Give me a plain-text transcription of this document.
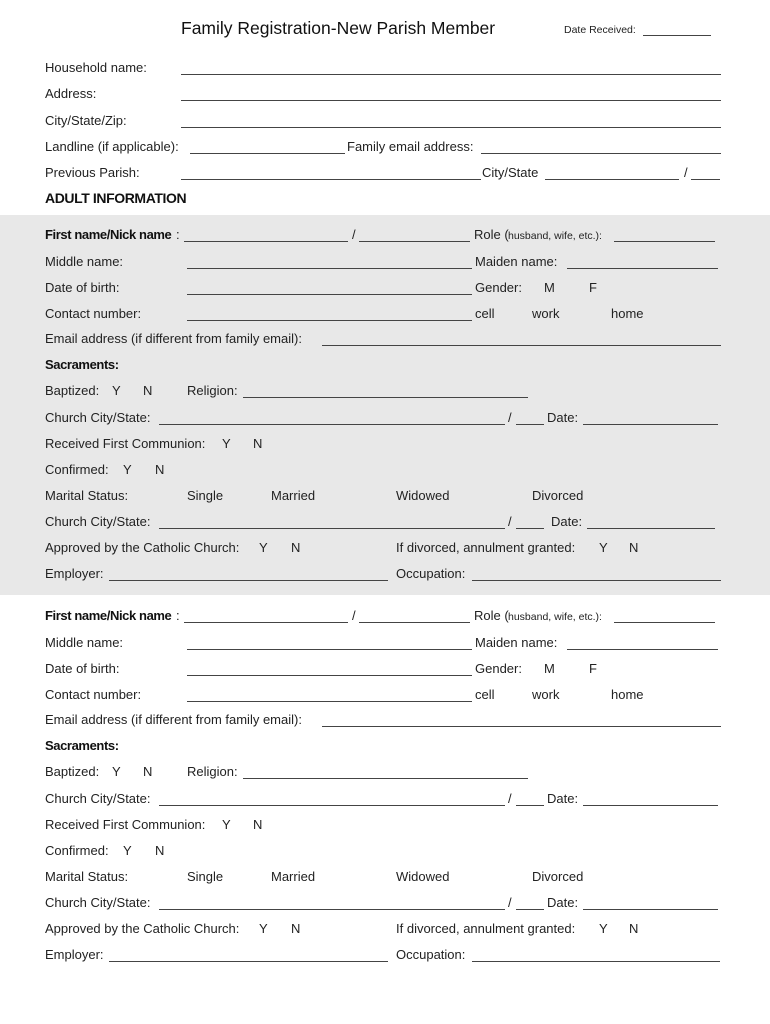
Family Registration-New Parish Member	Date Received:
Household name:
Address:
City/State/Zip:
Landline (if applicable):	Family email address:
Previous Parish:	City/State	/
ADULT INFORMATION
First name/Nick name :	/	Role ( husband, wife, etc.):
Middle name:	Maiden name:
Date of birth:	Gender: M	F
Contact number:	cell	work	home
Email address (if different from family email):
Sacraments:
Baptized: Y N	Religion:
Church City/State:	/	Date:
Received First Communion: Y N
Confirmed: Y N
Marital Status:	Single	Married	Widowed	Divorced
Church City/State:	/	Date:
Approved by the Catholic Church: Y N	If divorced, annulment granted: Y N
Employer:	Occupation:
First name/Nick name :	/	Role ( husband, wife, etc.):
Middle name:	Maiden name:
Date of birth:	Gender: M	F
Contact number:	cell	work	home
Email address (if different from family email):
Sacraments:
Baptized: Y N	Religion:
Church City/State:	/	Date:
Received First Communion: Y N
Confirmed: Y N
Marital Status:	Single	Married	Widowed	Divorced
Church City/State:	/	Date:
Approved by the Catholic Church: Y N	If divorced, annulment granted: Y N
Employer:	Occupation:
